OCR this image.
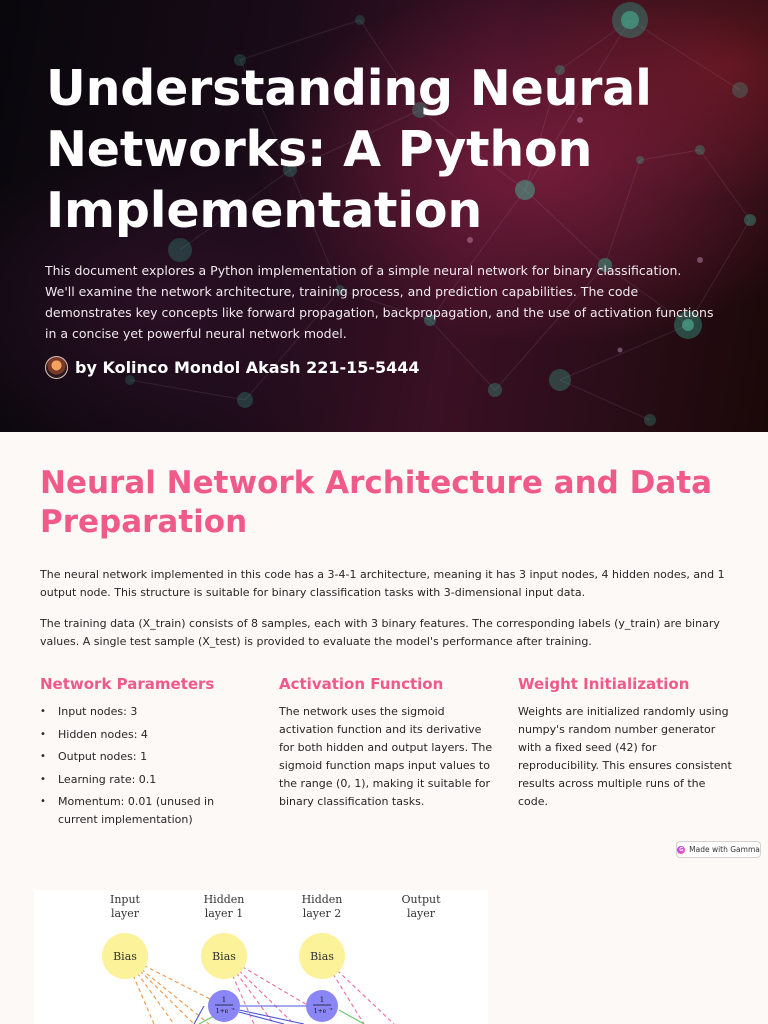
Understanding Neural Networks: A Python Implementation

This document explores a Python implementation of a simple neural network for binary classification. We'll examine the network architecture, training process, and prediction capabilities. The code demonstrates key concepts like forward propagation, backpropagation, and the use of activation functions in a concise yet powerful neural network model.

by Kolinco Mondol Akash 221-15-5444
Neural Network Architecture and Data Preparation

The neural network implemented in this code has a 3-4-1 architecture, meaning it has 3 input nodes, 4 hidden nodes, and 1 output node. This structure is suitable for binary classification tasks with 3-dimensional input data.

The training data (X_train) consists of 8 samples, each with 3 binary features. The corresponding labels (y_train) are binary values. A single test sample (X_test) is provided to evaluate the model's performance after training.

Network Parameters
• Input nodes: 3
• Hidden nodes: 4
• Output nodes: 1
• Learning rate: 0.1
• Momentum: 0.01 (unused in current implementation)
Activation Function

The network uses the sigmoid activation function and its derivative for both hidden and output layers. The sigmoid function maps input values to the range (0, 1), making it suitable for binary classification tasks.

Weight Initialization

Weights are initialized randomly using numpy's random number generator with a fixed seed (42) for reproducibility. This ensures consistent results across multiple runs of the code.

G Made with Gamma
Bias	Bias	Bias
1
1+e -z
1
1+e -z
Input
layer
Hidden
layer 1
Hidden
layer 2
Output
layer
